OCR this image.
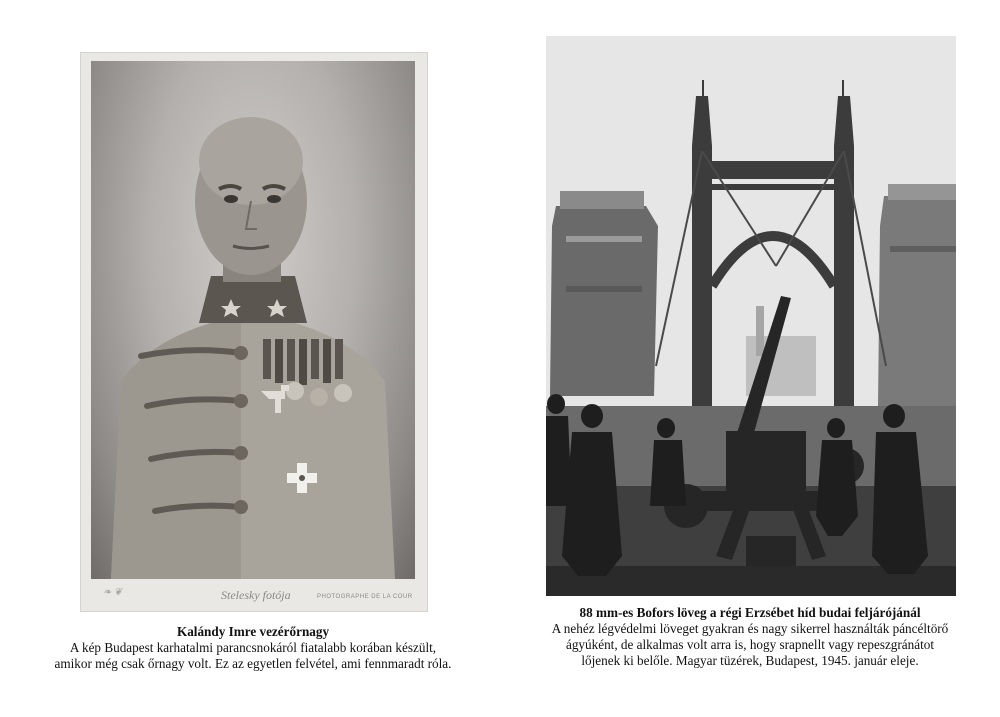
❧ ❦	Stelesky fotója	PHOTOGRAPHE DE LA COUR
Kalándy Imre vezérőrnagy
A kép Budapest karhatalmi parancsnokáról fiatalabb korában készült,
amikor még csak őrnagy volt. Ez az egyetlen felvétel, ami fennmaradt róla.
88 mm-es Bofors löveg a régi Erzsébet híd budai feljárójánál
A nehéz légvédelmi löveget gyakran és nagy sikerrel használták páncéltörő
ágyúként, de alkalmas volt arra is, hogy srapnellt vagy repeszgránátot
lőjenek ki belőle. Magyar tüzérek, Budapest, 1945. január eleje.
